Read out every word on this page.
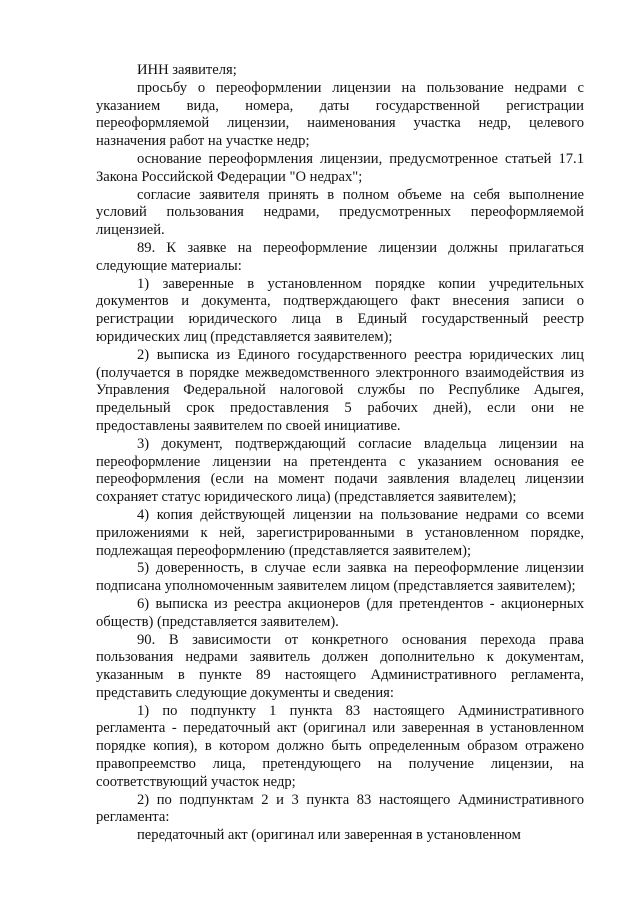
ИНН заявителя;

просьбу о переоформлении лицензии на пользование недрами с указанием вида, номера, даты государственной регистрации переоформляемой лицензии, наименования участка недр, целевого назначения работ на участке недр;

основание переоформления лицензии, предусмотренное статьей 17.1 Закона Российской Федерации "О недрах";

согласие заявителя принять в полном объеме на себя выполнение условий пользования недрами, предусмотренных переоформляемой лицензией.

89. К заявке на переоформление лицензии должны прилагаться следующие материалы:

1) заверенные в установленном порядке копии учредительных документов и документа, подтверждающего факт внесения записи о регистрации юридического лица в Единый государственный реестр юридических лиц (представляется заявителем);

2) выписка из Единого государственного реестра юридических лиц (получается в порядке межведомственного электронного взаимодействия из Управления Федеральной налоговой службы по Республике Адыгея, предельный срок предоставления 5 рабочих дней), если они не предоставлены заявителем по своей инициативе.

3) документ, подтверждающий согласие владельца лицензии на переоформление лицензии на претендента с указанием основания ее переоформления (если на момент подачи заявления владелец лицензии сохраняет статус юридического лица) (представляется заявителем);

4) копия действующей лицензии на пользование недрами со всеми приложениями к ней, зарегистрированными в установленном порядке, подлежащая переоформлению (представляется заявителем);

5) доверенность, в случае если заявка на переоформление лицензии подписана уполномоченным заявителем лицом (представляется заявителем);

6) выписка из реестра акционеров (для претендентов - акционерных обществ) (представляется заявителем).

90. В зависимости от конкретного основания перехода права пользования недрами заявитель должен дополнительно к документам, указанным в пункте 89 настоящего Административного регламента, представить следующие документы и сведения:

1) по подпункту 1 пункта 83 настоящего Административного регламента - передаточный акт (оригинал или заверенная в установленном порядке копия), в котором должно быть определенным образом отражено правопреемство лица, претендующего на получение лицензии, на соответствующий участок недр;

2) по подпунктам 2 и 3 пункта 83 настоящего Административного регламента:

передаточный акт (оригинал или заверенная в установленном
